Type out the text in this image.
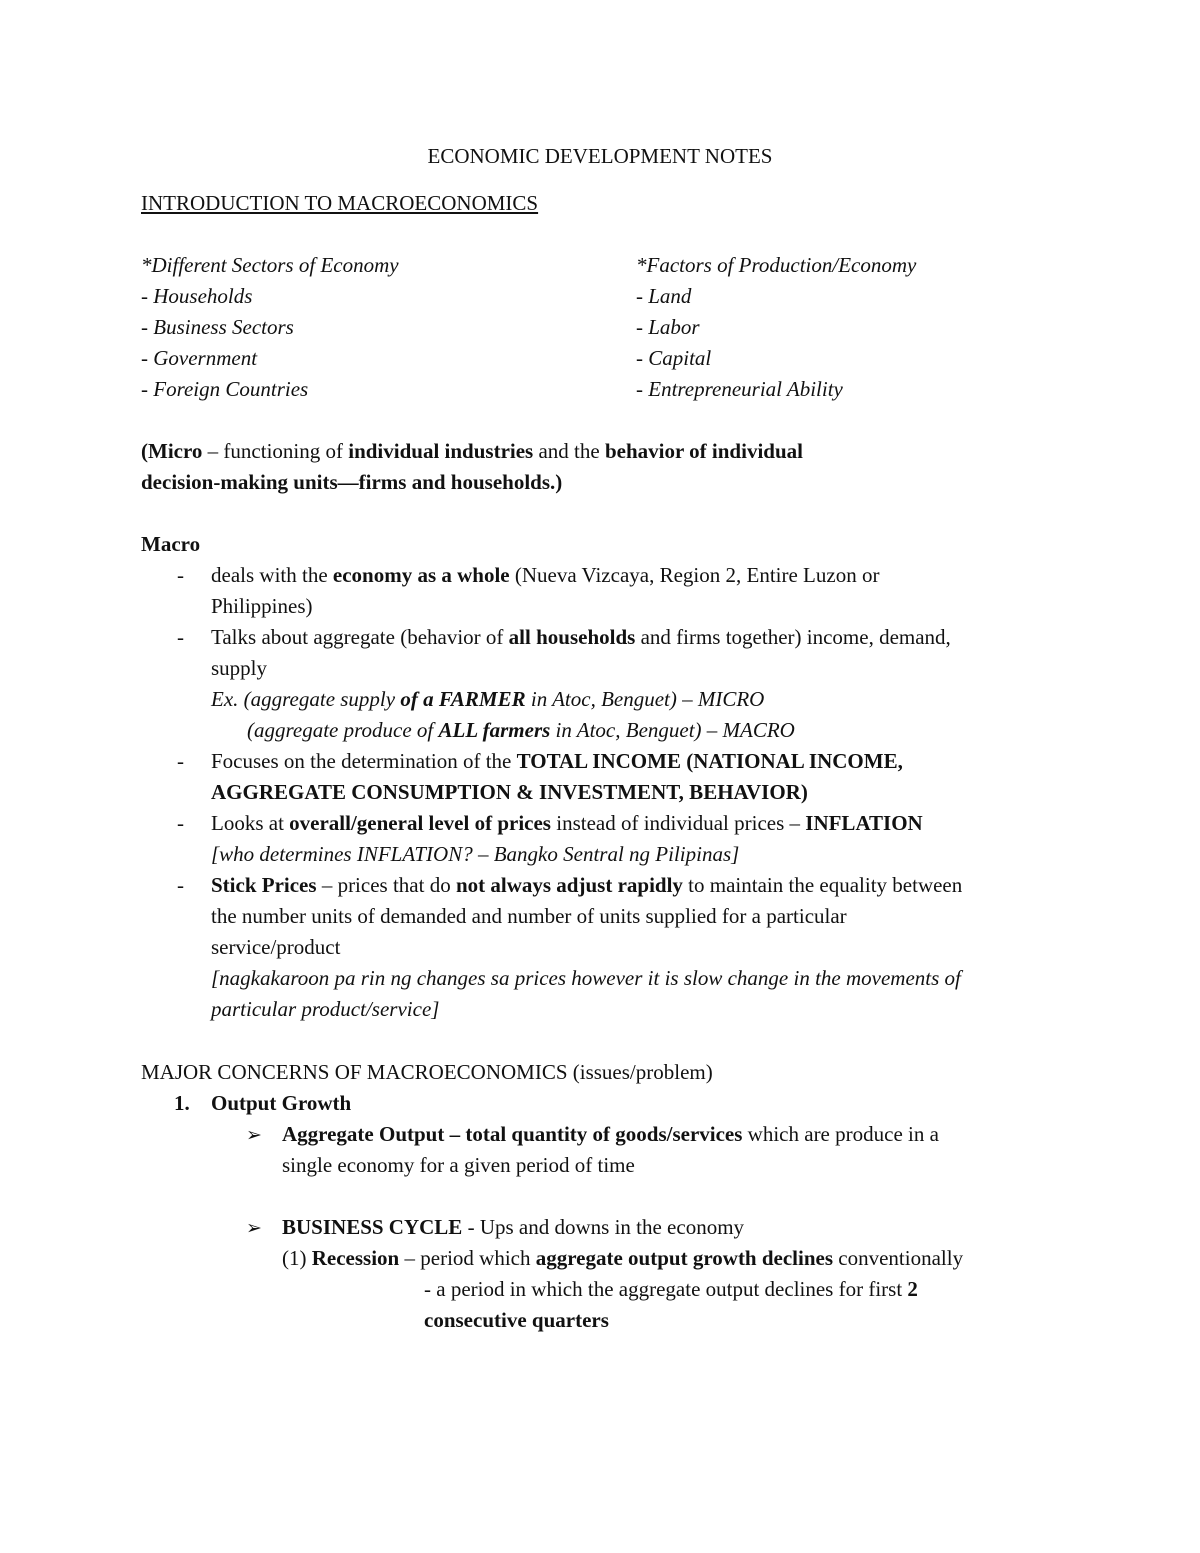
ECONOMIC DEVELOPMENT NOTES
INTRODUCTION TO MACROECONOMICS
*Different Sectors of Economy
- Households
- Business Sectors
- Government
- Foreign Countries
*Factors of Production/Economy
- Land
- Labor
- Capital
- Entrepreneurial Ability
(Micro – functioning of individual industries and the behavior of individual
decision-making units—firms and households.)
Macro
- deals with the economy as a whole (Nueva Vizcaya, Region 2, Entire Luzon or
Philippines)
- Talks about aggregate (behavior of all households and firms together) income, demand,
supply
Ex. (aggregate supply of a FARMER in Atoc, Benguet) – MICRO
(aggregate produce of ALL farmers in Atoc, Benguet) – MACRO
- Focuses on the determination of the TOTAL INCOME (NATIONAL INCOME,
AGGREGATE CONSUMPTION & INVESTMENT, BEHAVIOR)
- Looks at overall/general level of prices instead of individual prices – INFLATION
[who determines INFLATION? – Bangko Sentral ng Pilipinas]
- Stick Prices – prices that do not always adjust rapidly to maintain the equality between
the number units of demanded and number of units supplied for a particular
service/product
[nagkakaroon pa rin ng changes sa prices however it is slow change in the movements of
particular product/service]
MAJOR CONCERNS OF MACROECONOMICS (issues/problem)
1. Output Growth
➢ Aggregate Output – total quantity of goods/services which are produce in a
single economy for a given period of time
➢ BUSINESS CYCLE - Ups and downs in the economy
(1) Recession – period which aggregate output growth declines conventionally
- a period in which the aggregate output declines for first 2
consecutive quarters
